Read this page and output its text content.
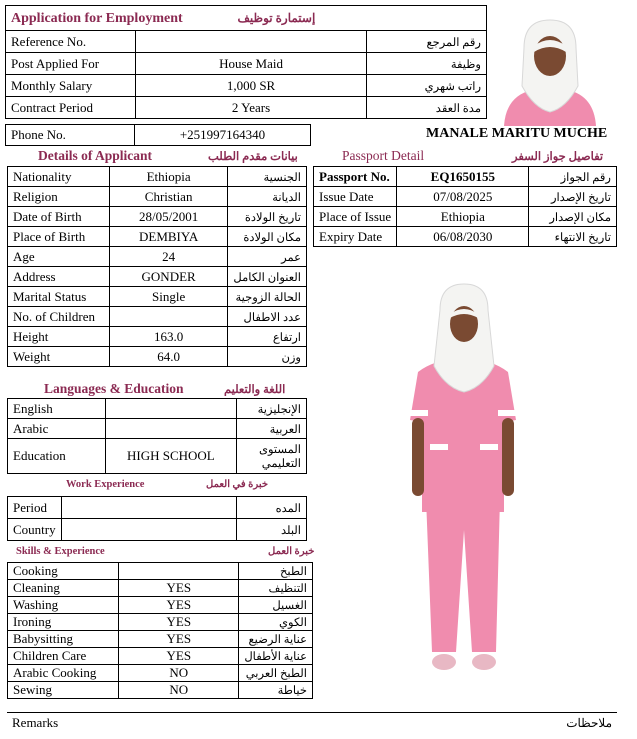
Application for Employment	إستمارة توظيف
Reference No.		رقم المرجع
Post Applied For	House Maid	وظيفة
Monthly Salary	1,000 SR	راتب شهري
Contract Period	2 Years	مدة العقد
Phone No.	+251997164340	MANALE MARITU MUCHE
Details of Applicant	بيانات مقدم الطلب
Nationality	Ethiopia	الجنسية
Religion	Christian	الديانة
Date of Birth	28/05/2001	تاريخ الولادة
Place of Birth	DEMBIYA	مكان الولادة
Age	24	عمر
Address	GONDER	العنوان الكامل
Marital Status	Single	الحالة الزوجية
No. of Children		عدد الاطفال
Height	163.0	ارتفاع
Weight	64.0	وزن
Passport Detail	تفاصيل جواز السفر
Passport No.	EQ1650155	رقم الجواز
Issue Date	07/08/2025	تاريخ الإصدار
Place of Issue	Ethiopia	مكان الإصدار
Expiry Date	06/08/2030	تاريخ الانتهاء
Languages & Education	اللغة والتعليم
English		الإنجليزية
Arabic		العربية
Education	HIGH SCHOOL	المستوى التعليمي
Work Experience	خبرة في العمل
Period		المده
Country		البلد
Skills & Experience	خبرة العمل
Cooking		الطبخ
Cleaning	YES	التنظيف
Washing	YES	الغسيل
Ironing	YES	الكوي
Babysitting	YES	عناية الرضيع
Children Care	YES	عناية الأطفال
Arabic Cooking	NO	الطبخ العربي
Sewing	NO	خياطة
Remarks	ملاحظات
